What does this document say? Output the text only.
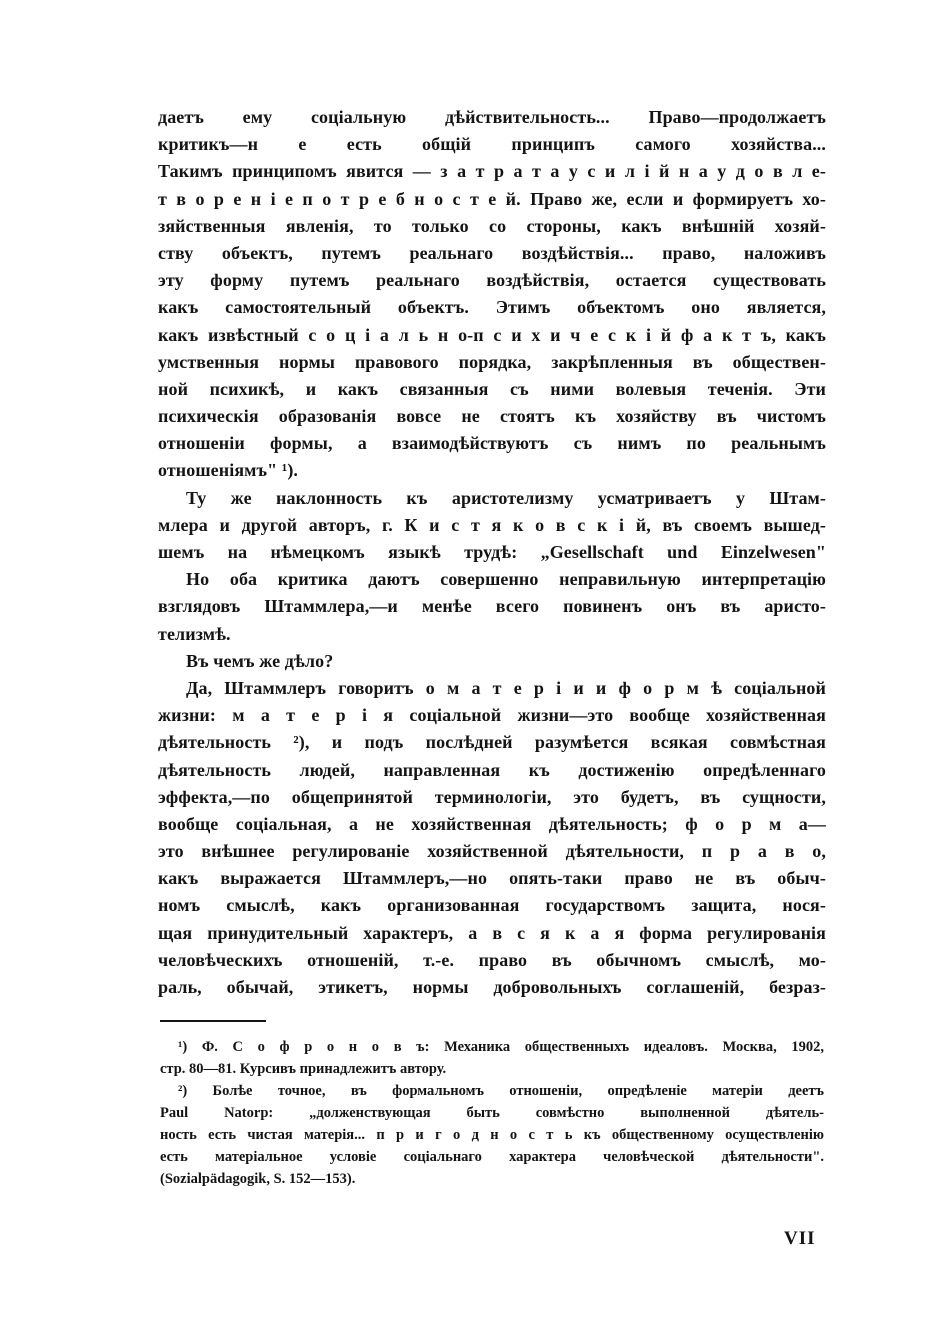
даетъ ему соціальную дѣйствительность... Право—продолжаетъ
критикъ—н е есть общій принципъ самого хозяйства...
Такимъ принципомъ явится — з а т р а т а у с и л і й н а у д о в л е-
т в о р е н і е п о т р е б н о с т е й. Право же, если и формируетъ хо-
зяйственныя явленія, то только со стороны, какъ внѣшній хозяй-
ству объектъ, путемъ реальнаго воздѣйствія... право, наложивъ
эту форму путемъ реальнаго воздѣйствія, остается существовать
какъ самостоятельный объектъ. Этимъ объектомъ оно является,
какъ извѣстный с о ц і а л ь н о-п с и х и ч е с к і й ф а к т ъ, какъ
умственныя нормы правового порядка, закрѣпленныя въ обществен-
ной психикѣ, и какъ связанныя съ ними волевыя теченія. Эти
психическія образованія вовсе не стоятъ къ хозяйству въ чистомъ
отношеніи формы, а взаимодѣйствуютъ съ нимъ по реальнымъ
отношеніямъ" ¹).
Ту же наклонность къ аристотелизму усматриваетъ у Штам-
млера и другой авторъ, г. К и с т я к о в с к і й, въ своемъ вышед-
шемъ на нѣмецкомъ языкѣ трудѣ: „Gesellschaft und Einzelwesen"
Но оба критика даютъ совершенно неправильную интерпретацію
взглядовъ Штаммлера,—и менѣе всего повиненъ онъ въ аристо-
телизмѣ.
Въ чемъ же дѣло?
Да, Штаммлеръ говоритъ о м а т е р і и и ф о р м ѣ соціальной
жизни: м а т е р і я соціальной жизни—это вообще хозяйственная
дѣятельность ²), и подъ послѣдней разумѣется всякая совмѣстная
дѣятельность людей, направленная къ достиженію опредѣленнаго
эффекта,—по общепринятой терминологіи, это будетъ, въ сущности,
вообще соціальная, а не хозяйственная дѣятельность; ф о р м а—
это внѣшнее регулированіе хозяйственной дѣятельности, п р а в о,
какъ выражается Штаммлеръ,—но опять-таки право не въ обыч-
номъ смыслѣ, какъ организованная государствомъ защита, нося-
щая принудительный характеръ, а в с я к а я форма регулированія
человѣческихъ отношеній, т.-е. право въ обычномъ смыслѣ, мо-
раль, обычай, этикетъ, нормы добровольныхъ соглашеній, безраз-
¹) Ф. С о ф р о н о в ъ: Механика общественныхъ идеаловъ. Москва, 1902,
стр. 80—81. Курсивъ принадлежитъ автору.
²) Болѣе точное, въ формальномъ отношеніи, опредѣленіе матеріи деетъ
Paul Natorp: „долженствующая быть совмѣстно выполненной дѣятель-
ность есть чистая матерія... п р и г о д н о с т ь къ общественному осуществленію
есть матеріальное условіе соціальнаго характера человѣческой дѣятельности".
(Sozialpädagogik, S. 152—153).
VII
